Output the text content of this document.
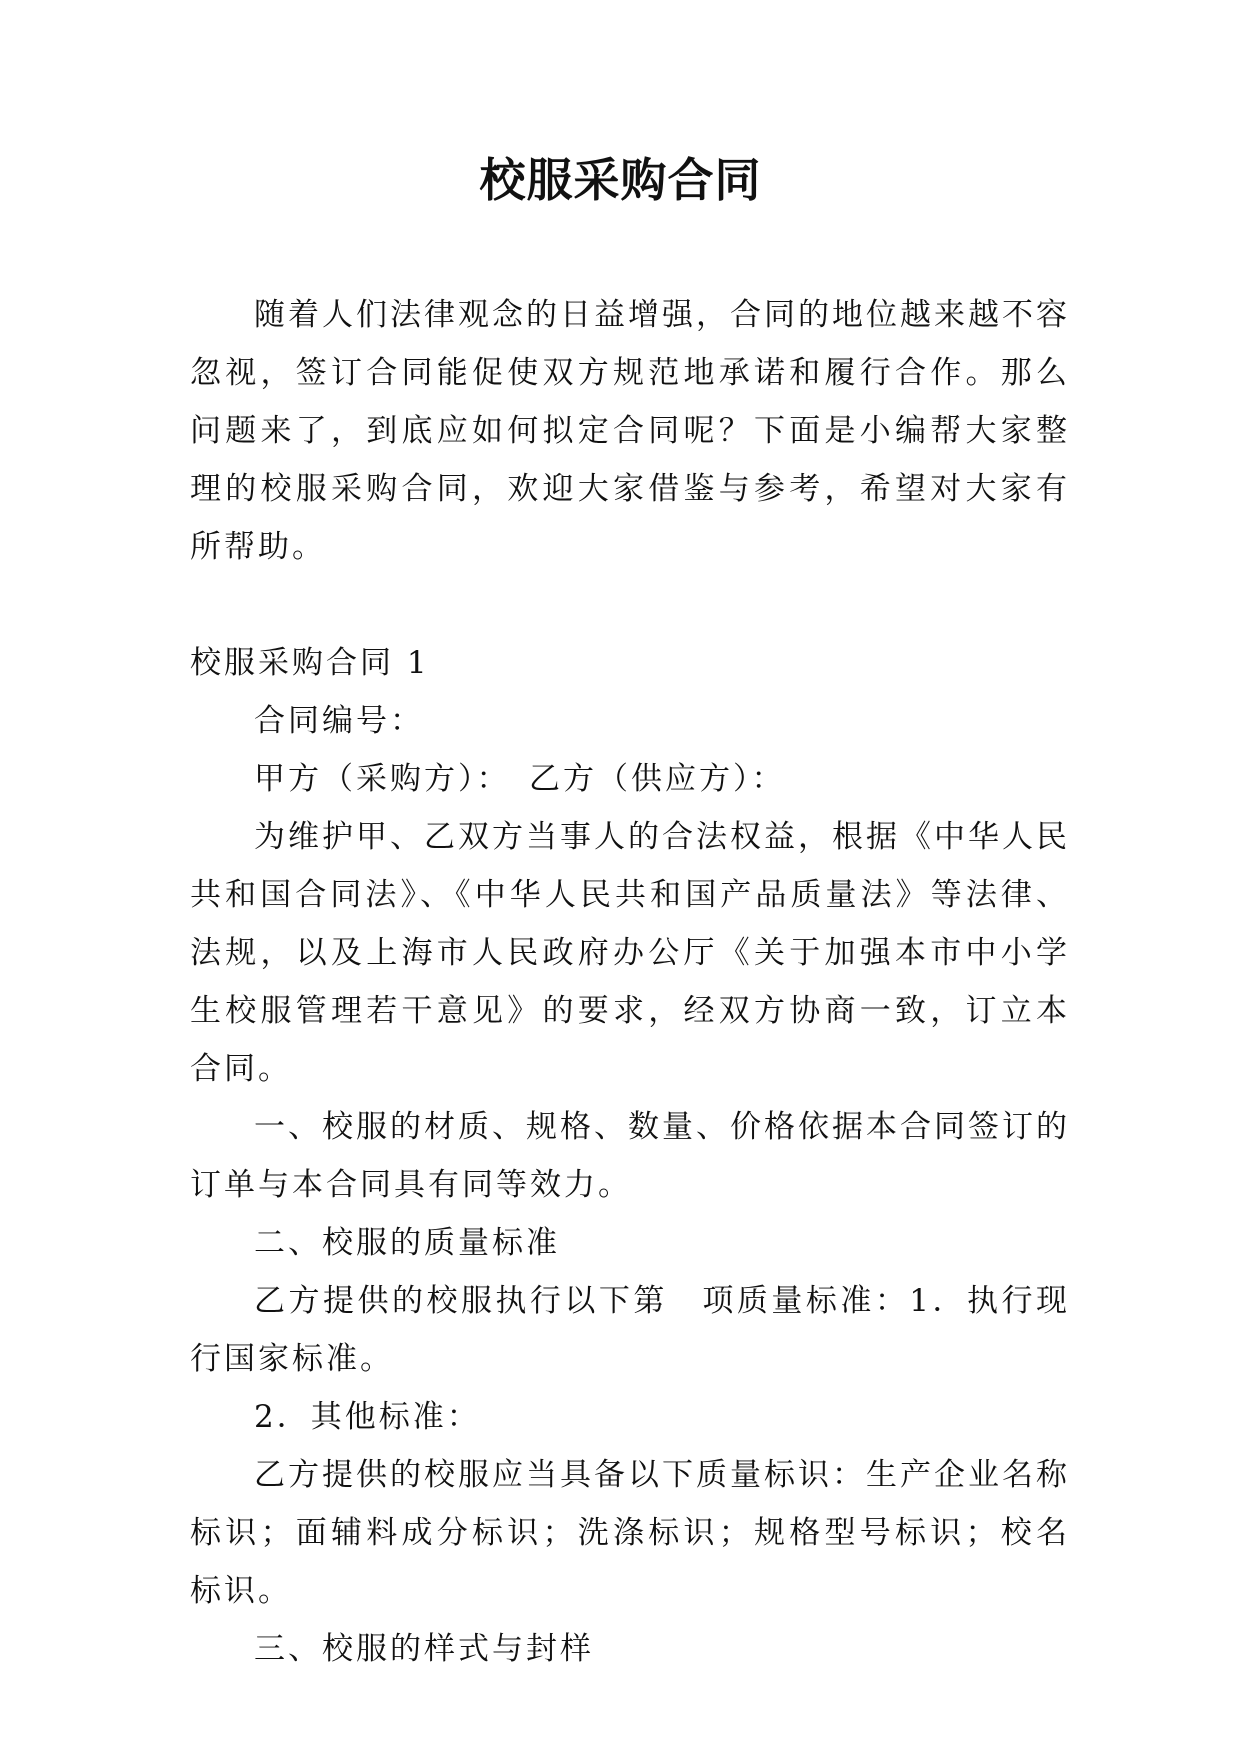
校服采购合同

随着人们法律观念的日益增强，合同的地位越来越不容忽视，签订合同能促使双方规范地承诺和履行合作。那么问题来了，到底应如何拟定合同呢？下面是小编帮大家整理的校服采购合同，欢迎大家借鉴与参考，希望对大家有所帮助。

校服采购合同 1

合同编号：

甲方（采购方）：　乙方（供应方）：

为维护甲、乙双方当事人的合法权益，根据《中华人民共和国合同法》、《中华人民共和国产品质量法》等法律、法规，以及上海市人民政府办公厅《关于加强本市中小学生校服管理若干意见》的要求，经双方协商一致，订立本合同。

一、校服的材质、规格、数量、价格依据本合同签订的订单与本合同具有同等效力。

二、校服的质量标准

乙方提供的校服执行以下第　项质量标准：1．执行现行国家标准。

2．其他标准：

乙方提供的校服应当具备以下质量标识：生产企业名称标识；面辅料成分标识；洗涤标识；规格型号标识；校名标识。

三、校服的样式与封样
